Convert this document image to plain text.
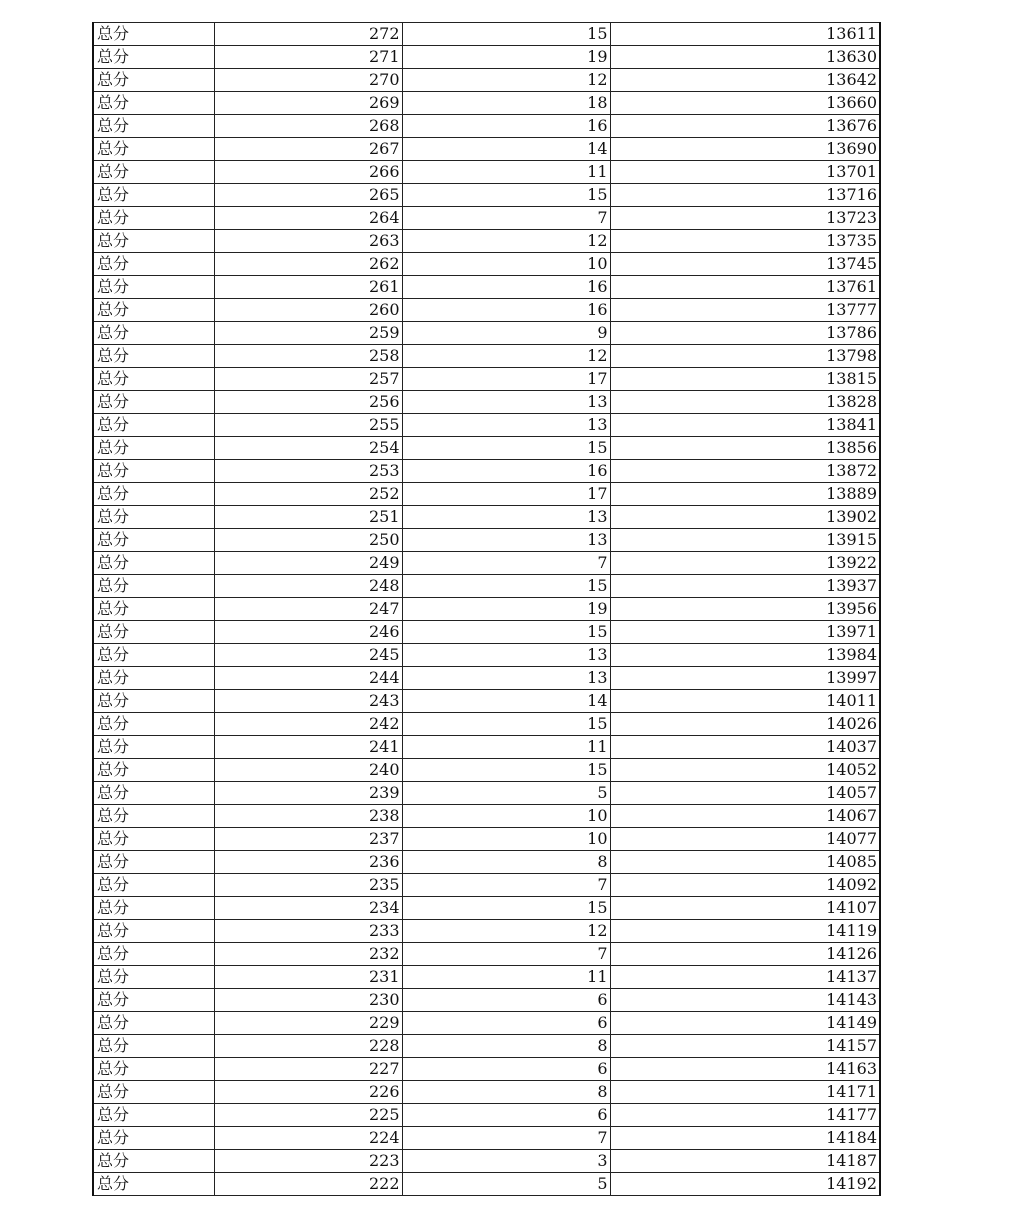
总分	272	15	13611
总分	271	19	13630
总分	270	12	13642
总分	269	18	13660
总分	268	16	13676
总分	267	14	13690
总分	266	11	13701
总分	265	15	13716
总分	264	7	13723
总分	263	12	13735
总分	262	10	13745
总分	261	16	13761
总分	260	16	13777
总分	259	9	13786
总分	258	12	13798
总分	257	17	13815
总分	256	13	13828
总分	255	13	13841
总分	254	15	13856
总分	253	16	13872
总分	252	17	13889
总分	251	13	13902
总分	250	13	13915
总分	249	7	13922
总分	248	15	13937
总分	247	19	13956
总分	246	15	13971
总分	245	13	13984
总分	244	13	13997
总分	243	14	14011
总分	242	15	14026
总分	241	11	14037
总分	240	15	14052
总分	239	5	14057
总分	238	10	14067
总分	237	10	14077
总分	236	8	14085
总分	235	7	14092
总分	234	15	14107
总分	233	12	14119
总分	232	7	14126
总分	231	11	14137
总分	230	6	14143
总分	229	6	14149
总分	228	8	14157
总分	227	6	14163
总分	226	8	14171
总分	225	6	14177
总分	224	7	14184
总分	223	3	14187
总分	222	5	14192
